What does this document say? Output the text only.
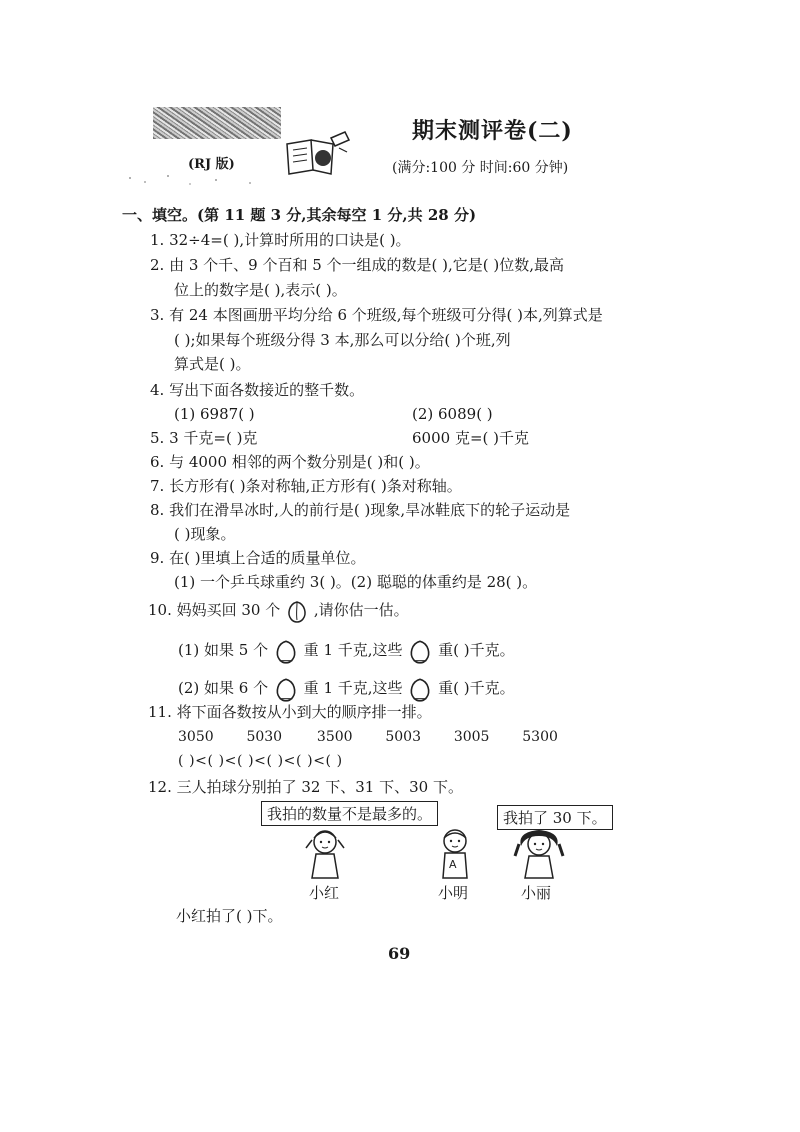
(RJ 版)
期末测评卷(二)
(满分:100 分 时间:60 分钟)
一、填空。(第 11 题 3 分,其余每空 1 分,共 28 分)
1. 32÷4=( ),计算时所用的口诀是( )。
2. 由 3 个千、9 个百和 5 个一组成的数是( ),它是( )位数,最高
位上的数字是( ),表示( )。
3. 有 24 本图画册平均分给 6 个班级,每个班级可分得( )本,列算式是
( );如果每个班级分得 3 本,那么可以分给( )个班,列
算式是( )。
4. 写出下面各数接近的整千数。
(1) 6987( )	(2) 6089( )
5. 3 千克=( )克	6000 克=( )千克
6. 与 4000 相邻的两个数分别是( )和( )。
7. 长方形有( )条对称轴,正方形有( )条对称轴。
8. 我们在滑旱冰时,人的前行是( )现象,旱冰鞋底下的轮子运动是
( )现象。
9. 在( )里填上合适的质量单位。
(1) 一个乒乓球重约 3( )。(2) 聪聪的体重约是 28( )。
10. 妈妈买回 30 个 ,请你估一估。
(1) 如果 5 个 重 1 千克,这些 重( )千克。
(2) 如果 6 个 重 1 千克,这些 重( )千克。
11. 将下面各数按从小到大的顺序排一排。
3050 5030 3500 5003 3005 5300
( )<( )<( )<( )<( )<( )
12. 三人拍球分别拍了 32 下、31 下、30 下。
我拍的数量不是最多的。	我拍了 30 下。
A
小红	小明	小丽
小红拍了( )下。
69
